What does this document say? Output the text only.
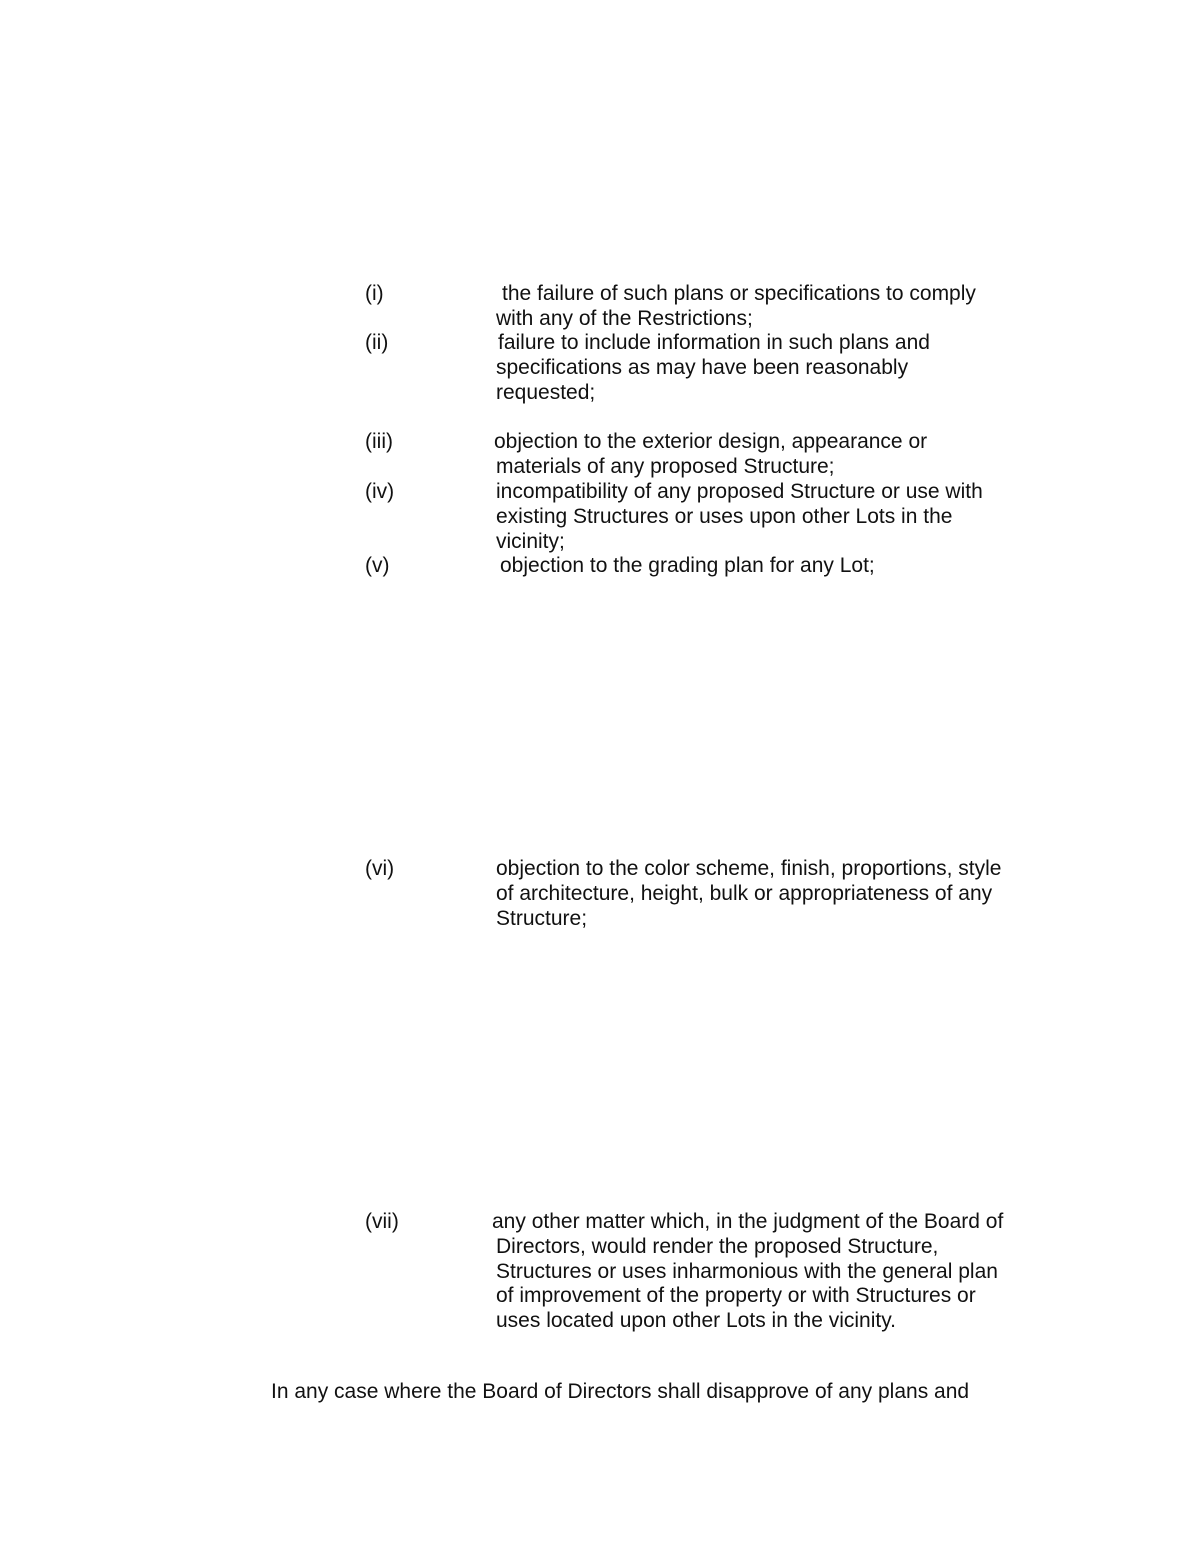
(i)	the failure of such plans or specifications to comply
with any of the Restrictions;
(ii)	failure to include information in such plans and
specifications as may have been reasonably
requested;
(iii)	objection to the exterior design, appearance or
materials of any proposed Structure;
(iv)	incompatibility of any proposed Structure or use with
existing Structures or uses upon other Lots in the
vicinity;
(v)	objection to the grading plan for any Lot;
(vi)	objection to the color scheme, finish, proportions, style
of architecture, height, bulk or appropriateness of any
Structure;
(vii)	any other matter which, in the judgment of the Board of
Directors, would render the proposed Structure,
Structures or uses inharmonious with the general plan
of improvement of the property or with Structures or
uses located upon other Lots in the vicinity.

In any case where the Board of Directors shall disapprove of any plans and
